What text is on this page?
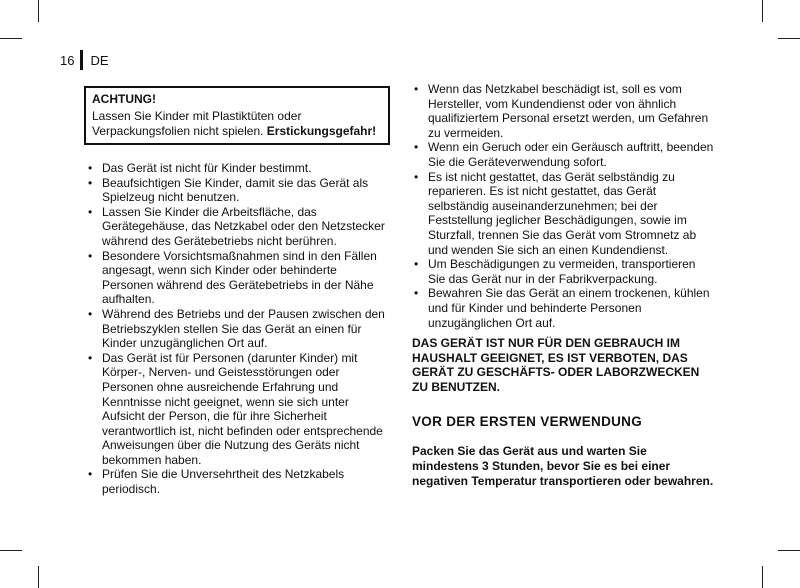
16 DE
ACHTUNG!
Lassen Sie Kinder mit Plastiktüten oder Verpackungsfolien nicht spielen. Erstickungsgefahr!
• Das Gerät ist nicht für Kinder bestimmt.
• Beaufsichtigen Sie Kinder, damit sie das Gerät als Spielzeug nicht benutzen.
• Lassen Sie Kinder die Arbeitsfläche, das Gerätegehäuse, das Netzkabel oder den Netzstecker während des Gerätebetriebs nicht berühren.
• Besondere Vorsichtsmaßnahmen sind in den Fällen angesagt, wenn sich Kinder oder behinderte Personen während des Gerätebetriebs in der Nähe aufhalten.
• Während des Betriebs und der Pausen zwischen den Betriebszyklen stellen Sie das Gerät an einen für Kinder unzugänglichen Ort auf.
• Das Gerät ist für Personen (darunter Kinder) mit Körper-, Nerven- und Geistesstörungen oder Personen ohne ausreichende Erfahrung und Kenntnisse nicht geeignet, wenn sie sich unter Aufsicht der Person, die für ihre Sicherheit verantwortlich ist, nicht befinden oder entsprechende Anweisungen über die Nutzung des Geräts nicht bekommen haben.
• Prüfen Sie die Unversehrtheit des Netzkabels periodisch.
• Wenn das Netzkabel beschädigt ist, soll es vom Hersteller, vom Kundendienst oder von ähnlich qualifiziertem Personal ersetzt werden, um Gefahren zu vermeiden.
• Wenn ein Geruch oder ein Geräusch auftritt, beenden Sie die Geräteverwendung sofort.
• Es ist nicht gestattet, das Gerät selbständig zu reparieren. Es ist nicht gestattet, das Gerät selbständig auseinanderzunehmen; bei der Feststellung jeglicher Beschädigungen, sowie im Sturzfall, trennen Sie das Gerät vom Stromnetz ab und wenden Sie sich an einen Kundendienst.
• Um Beschädigungen zu vermeiden, transportieren Sie das Gerät nur in der Fabrikverpackung.
• Bewahren Sie das Gerät an einem trockenen, kühlen und für Kinder und behinderte Personen unzugänglichen Ort auf.
DAS GERÄT IST NUR FÜR DEN GEBRAUCH IM HAUSHALT GEEIGNET, ES IST VERBOTEN, DAS GERÄT ZU GESCHÄFTS- ODER LABORZWECKEN ZU BENUTZEN.
VOR DER ERSTEN VERWENDUNG
Packen Sie das Gerät aus und warten Sie mindestens 3 Stunden, bevor Sie es bei einer negativen Temperatur transportieren oder bewahren.
